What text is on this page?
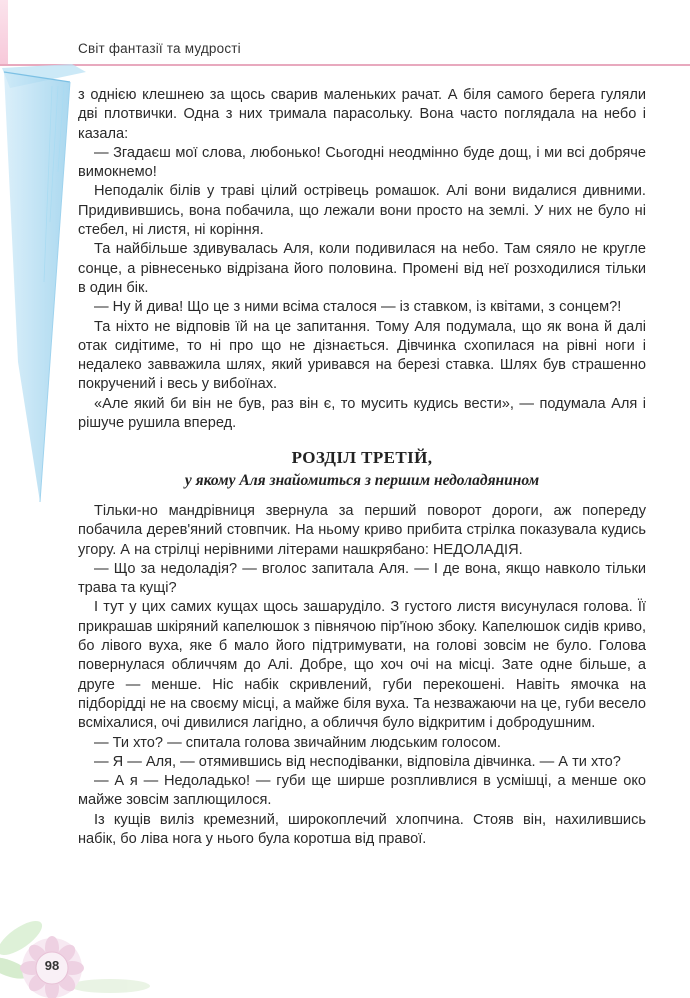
Світ фантазії та мудрості

з однією клешнею за щось сварив маленьких рачат. А біля самого берега гуляли дві плотвички. Одна з них тримала парасольку. Вона часто поглядала на небо і казала:

— Згадаєш мої слова, любонько! Сьогодні неодмінно буде дощ, і ми всі добряче вимокнемо!

Неподалік білів у траві цілий острівець ромашок. Алі вони видалися дивними. Придивившись, вона побачила, що лежали вони просто на землі. У них не було ні стебел, ні листя, ні коріння.

Та найбільше здивувалась Аля, коли подивилася на небо. Там сяяло не кругле сонце, а рівнесенько відрізана його половина. Промені від неї розходилися тільки в один бік.

— Ну й дива! Що це з ними всіма сталося — із ставком, із квітами, з сонцем?!

Та ніхто не відповів їй на це запитання. Тому Аля подумала, що як вона й далі отак сидітиме, то ні про що не дізнається. Дівчинка схопилася на рівні ноги і недалеко завважила шлях, який уривався на березі ставка. Шлях був страшенно покручений і весь у вибоїнах.

«Але який би він не був, раз він є, то мусить кудись вести», — подумала Аля і рішуче рушила вперед.

РОЗДІЛ ТРЕТІЙ,
у якому Аля знайомиться з першим недоладянином

Тільки-но мандрівниця звернула за перший поворот дороги, аж попереду побачила дерев'яний стовпчик. На ньому криво прибита стрілка показувала кудись угору. А на стрілці нерівними літерами нашкрябано: НЕДОЛАДІЯ.

— Що за недоладія? — вголос запитала Аля. — І де вона, якщо навколо тільки трава та кущі?

І тут у цих самих кущах щось зашаруділо. З густого листя висунулася голова. Її прикрашав шкіряний капелюшок з півнячою пір'їною збоку. Капелюшок сидів криво, бо лівого вуха, яке б мало його підтримувати, на голові зовсім не було. Голова повернулася обличчям до Алі. Добре, що хоч очі на місці. Зате одне більше, а друге — менше. Ніс набік скривлений, губи перекошені. Навіть ямочка на підборідді не на своєму місці, а майже біля вуха. Та незважаючи на це, губи весело всміхалися, очі дивилися лагідно, а обличчя було відкритим і добродушним.

— Ти хто? — спитала голова звичайним людським голосом.

— Я — Аля, — отямившись від несподіванки, відповіла дівчинка. — А ти хто?

— А я — Недоладько! — губи ще ширше розпливлися в усмішці, а менше око майже зовсім заплющилося.

Із кущів виліз кремезний, широкоплечий хлопчина. Стояв він, нахилившись набік, бо ліва нога у нього була коротша від правої.

98
